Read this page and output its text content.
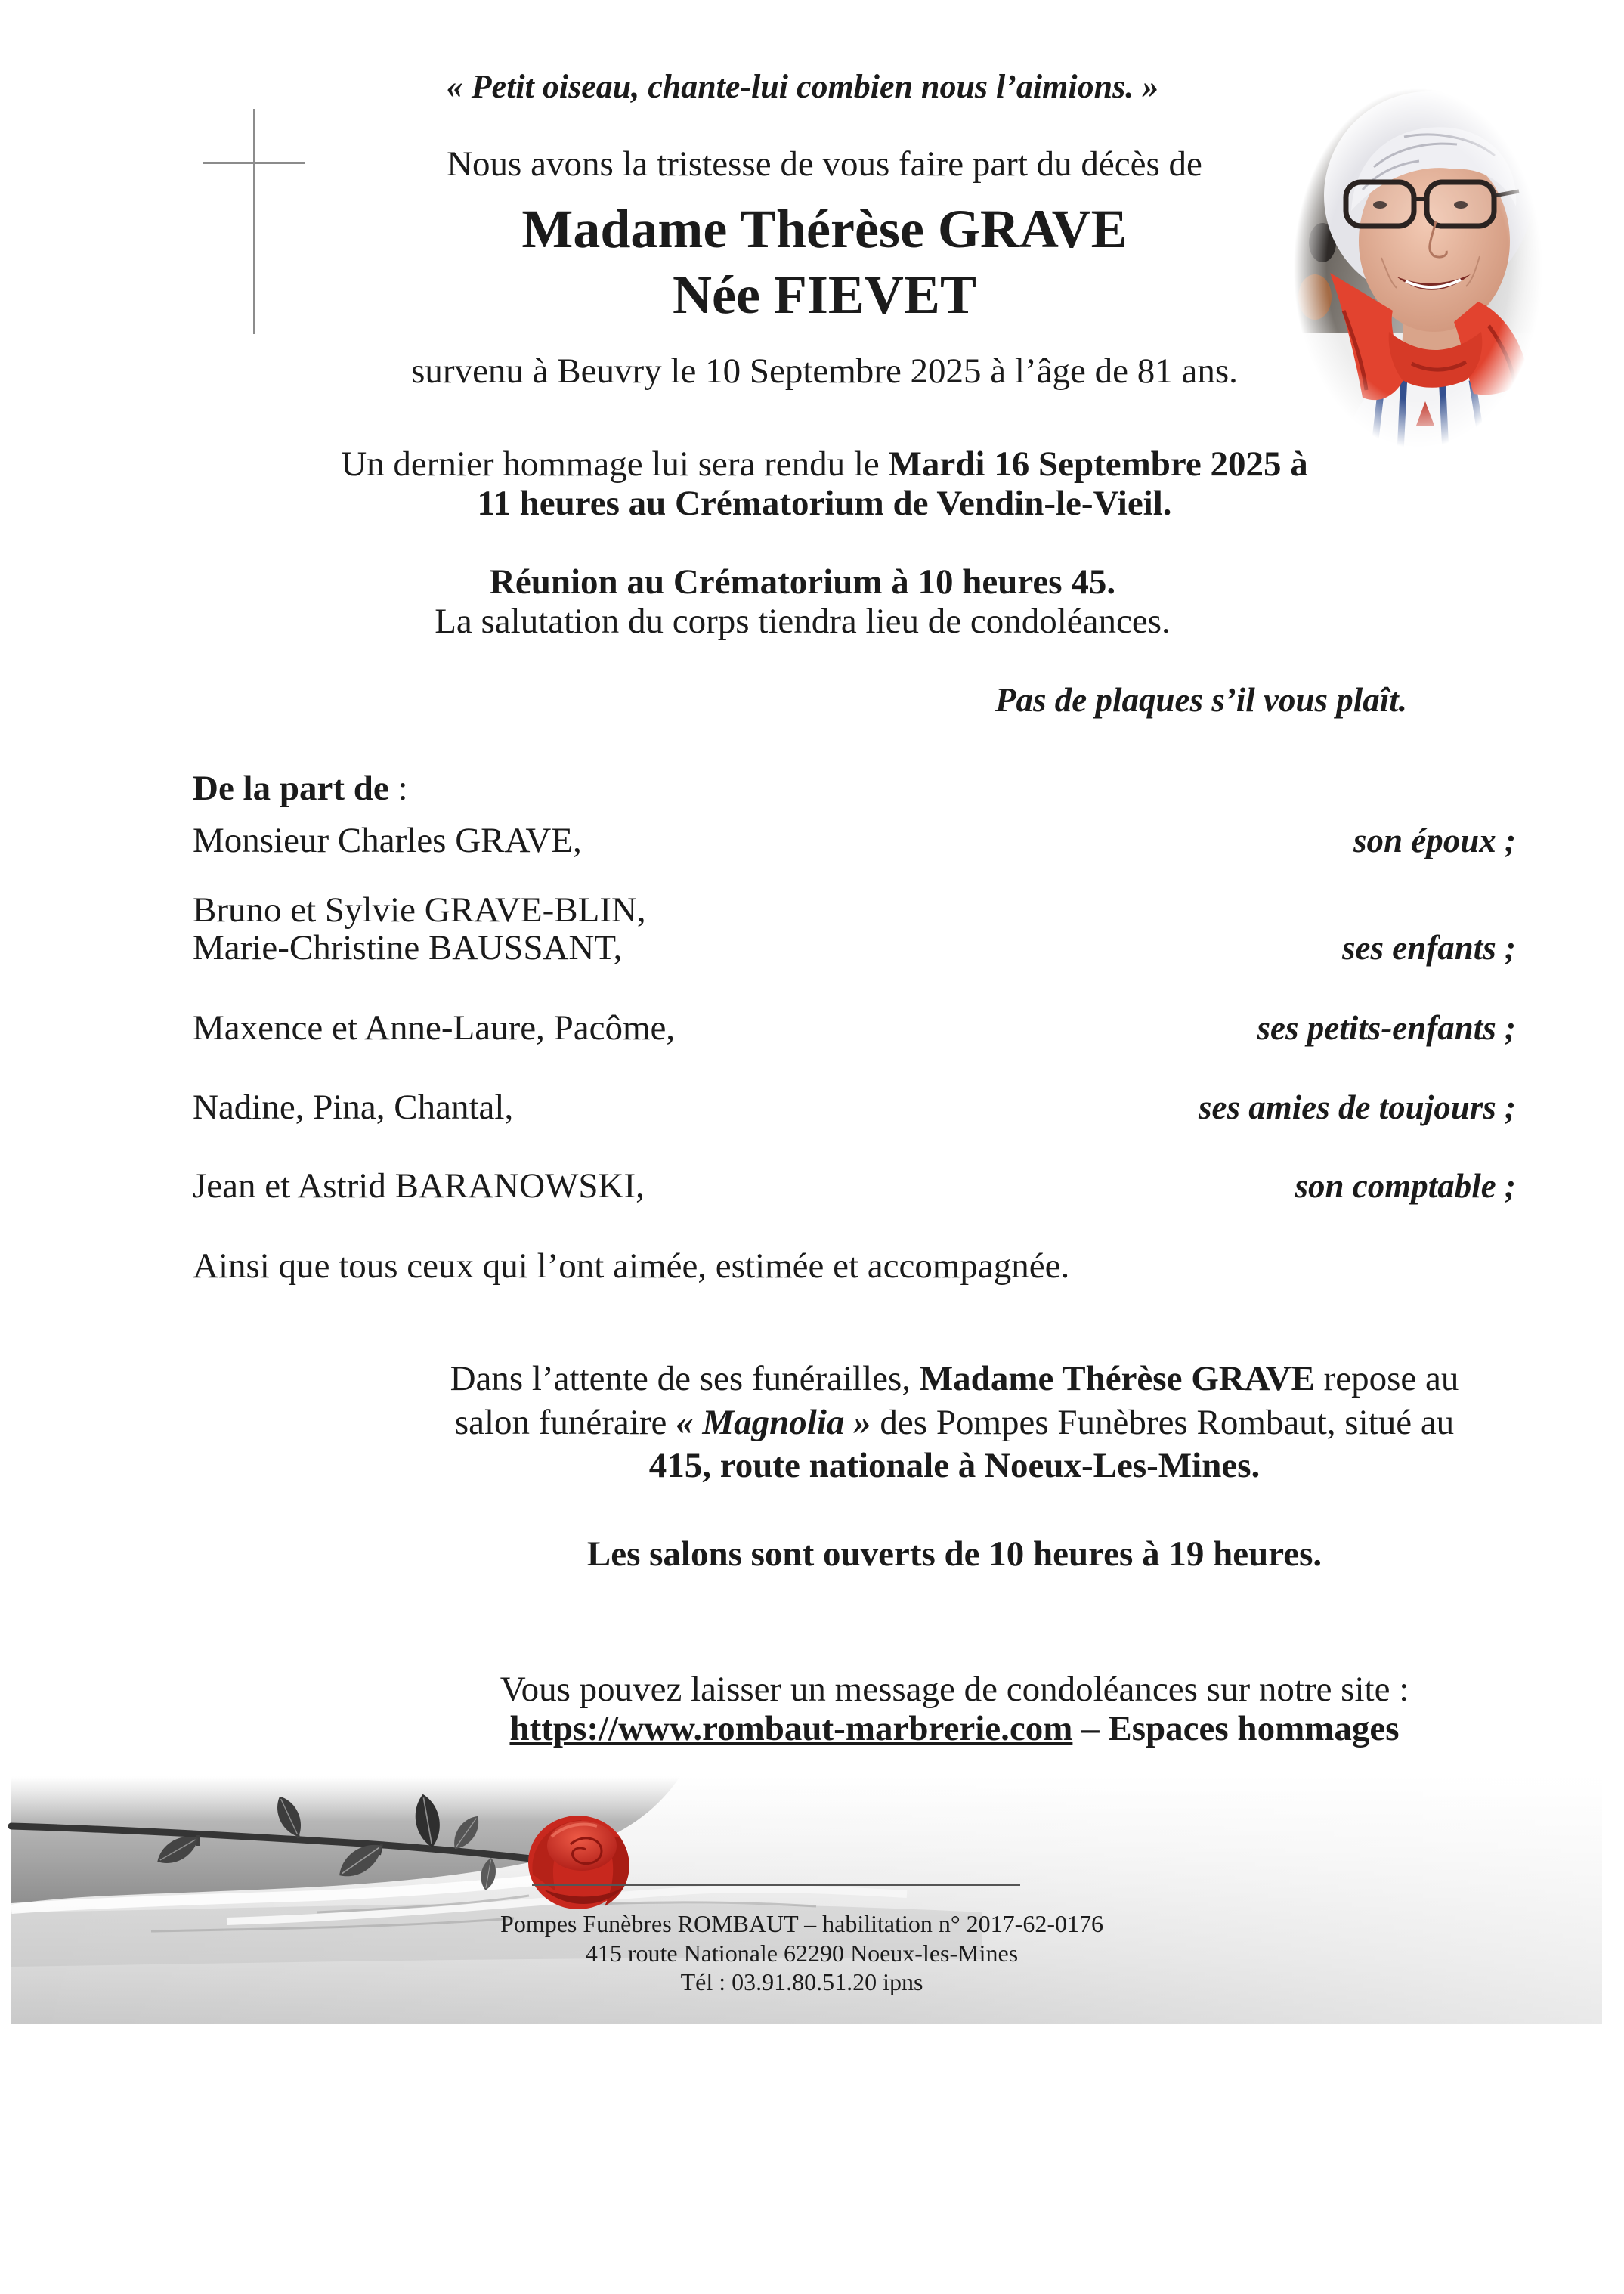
« Petit oiseau, chante-lui combien nous l’aimions. »
Nous avons la tristesse de vous faire part du décès de
Madame Thérèse GRAVE
Née FIEVET
survenu à Beuvry le 10 Septembre 2025 à l’âge de 81 ans.
Un dernier hommage lui sera rendu le Mardi 16 Septembre 2025 à
11 heures au Crématorium de Vendin-le-Vieil.
Réunion au Crématorium à 10 heures 45.
La salutation du corps tiendra lieu de condoléances.
Pas de plaques s’il vous plaît.
De la part de :
Monsieur Charles GRAVE,	son époux ;
Bruno et Sylvie GRAVE-BLIN,
Marie-Christine BAUSSANT,	ses enfants ;
Maxence et Anne-Laure, Pacôme,	ses petits-enfants ;
Nadine, Pina, Chantal,	ses amies de toujours ;
Jean et Astrid BARANOWSKI,	son comptable ;
Ainsi que tous ceux qui l’ont aimée, estimée et accompagnée.
Dans l’attente de ses funérailles, Madame Thérèse GRAVE repose au
salon funéraire « Magnolia » des Pompes Funèbres Rombaut, situé au
415, route nationale à Noeux-Les-Mines.
Les salons sont ouverts de 10 heures à 19 heures.
Vous pouvez laisser un message de condoléances sur notre site :
https://www.rombaut-marbrerie.com – Espaces hommages
Pompes Funèbres ROMBAUT – habilitation n° 2017-62-0176
415 route Nationale 62290 Noeux-les-Mines
Tél : 03.91.80.51.20 ipns
